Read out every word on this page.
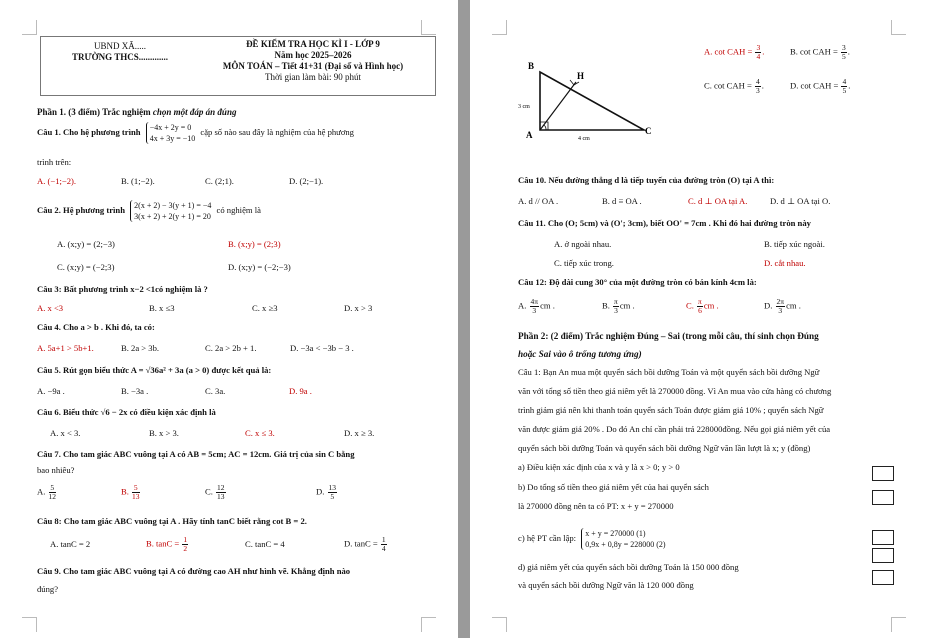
UBND XÃ.....
TRƯỜNG THCS.............
ĐỀ KIỂM TRA HỌC KÌ I - LỚP 9
Năm học 2025–2026
MÔN TOÁN – Tiết 41+31 (Đại số và Hình học)
Thời gian làm bài: 90 phút
Phần 1. (3 điểm) Trắc nghiệm chọn một đáp án đúng
Câu 1. Cho hệ phương trình −4x + 2y = 0
4x + 3y = −10
cặp số nào sau đây là nghiệm của hệ phương
trình trên:
A. (−1;−2).	B. (1;−2).	C. (2;1).	D. (2;−1).
Câu 2. Hệ phương trình 2(x + 2) − 3(y + 1) = −4
3(x + 2) + 2(y + 1) = 20
có nghiệm là
A. (x;y) = (2;−3)	B. (x;y) = (2;3)
C. (x;y) = (−2;3)	D. (x;y) = (−2;−3)
Câu 3: Bất phương trình x−2 <1có nghiệm là ?
A. x <3	B. x ≤3	C. x ≥3	D. x > 3
Câu 4. Cho a > b . Khi đó, ta có:
A. 5a+1 > 5b+1.	B. 2a > 3b.	C. 2a > 2b + 1.	D. −3a < −3b − 3 .
Câu 5. Rút gọn biểu thức A = √36a² + 3a (a > 0) được kết quả là:
A. −9a .	B. −3a .	C. 3a.	D. 9a .
Câu 6. Biểu thức √6 − 2x có điều kiện xác định là
A. x < 3.	B. x > 3.	C. x ≤ 3.	D. x ≥ 3.
Câu 7. Cho tam giác ABC vuông tại A có AB = 5cm; AC = 12cm. Giá trị của sin C bằng
bao nhiêu?
A. $\frac{5}{12}$	B. $\frac{5}{13}$	C. $\frac{12}{13}$	D. $\frac{13}{5}$
Câu 8: Cho tam giác ABC vuông tại A . Hãy tính tanC biết rằng cot B = 2.
A. tanC = 2	B. $\tan C = \frac{1}{2}$	C. tanC = 4	D. $\tan C = \frac{1}{4}$
Câu 9. Cho tam giác ABC vuông tại A có đường cao AH như hình vẽ. Khẳng định nào
đúng?
B
H
A	C
3 cm
4 cm
A. cot CAH = $\frac{3}{4}$ .	B. cot CAH = $\frac{3}{5}$ .
C. cot CAH = $\frac{4}{3}$ .	D. cot CAH = $\frac{4}{5}$ .
Câu 10. Nếu đường thẳng d là tiếp tuyến của đường tròn (O) tại A thì:
A. d // OA .	B. d ≡ OA .	C. d ⊥ OA tại A.	D. d ⊥ OA tại O.
Câu 11. Cho (O; 5cm) và (O'; 3cm), biết OO' = 7cm . Khi đó hai đường tròn này
A. ở ngoài nhau.	B. tiếp xúc ngoài.
C. tiếp xúc trong.	D. cắt nhau.
Câu 12: Độ dài cung 30° của một đường tròn có bán kính 4cm là:
A. $\frac{4\pi}{3}$ cm .	B. $\frac{\pi}{3}$ cm .	C. $\frac{\pi}{6}$ cm .	D. $\frac{2\pi}{3}$ cm .
Phần 2: (2 điểm) Trắc nghiệm Đúng – Sai (trong mỗi câu, thí sinh chọn Đúng
hoặc Sai vào ô trống tương ứng)
Câu 1: Bạn An mua một quyển sách bồi dưỡng Toán và một quyển sách bồi dưỡng Ngữ
văn với tổng số tiền theo giá niêm yết là 270000 đồng. Vì An mua vào cửa hàng có chương
trình giảm giá nên khi thanh toán quyển sách Toán được giảm giá 10% ; quyển sách Ngữ
văn được giảm giá 20% . Do đó An chỉ cần phải trả 228000đồng. Nếu gọi giá niêm yết của
quyển sách bồi dưỡng Toán và quyển sách bồi dưỡng Ngữ văn lần lượt là x; y (đồng)
a) Điều kiện xác định của x và y là x > 0; y > 0
b) Do tổng số tiền theo giá niêm yết của hai quyển sách
là 270000 đồng nên ta có PT: x + y = 270000
c) hệ PT cần lập: x + y = 270000 (1)
0,9x + 0,8y = 228000 (2)
d) giá niêm yết của quyển sách bồi dưỡng Toán là 150 000 đồng
và quyển sách bồi dưỡng Ngữ văn là 120 000 đồng
